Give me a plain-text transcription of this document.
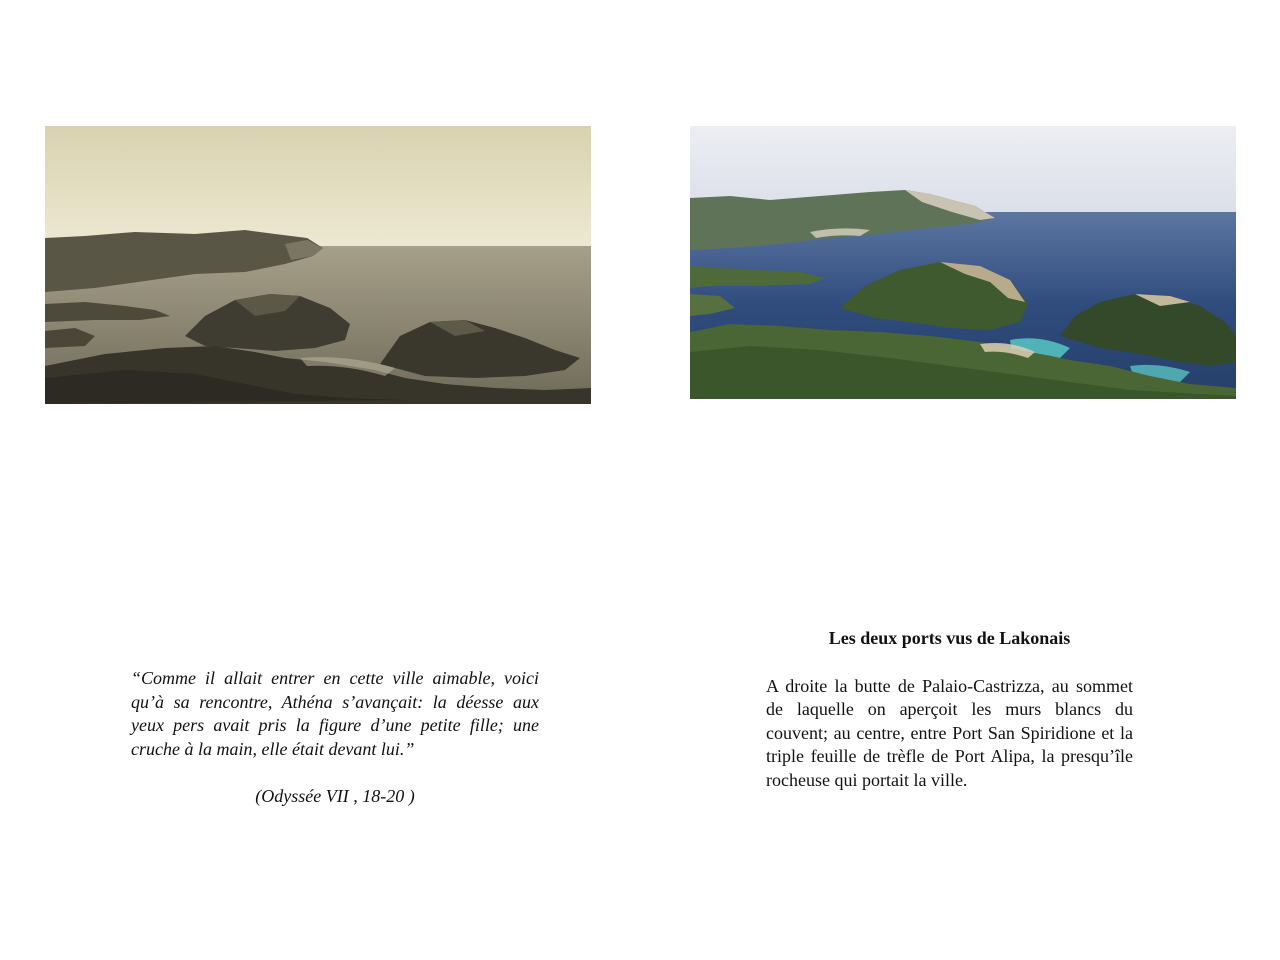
“Comme il allait entrer en cette ville aimable, voici qu’à sa rencontre, Athéna s’avançait: la déesse aux yeux pers avait pris la figure d’une petite fille; une cruche à la main, elle était devant lui.”

(Odyssée VII , 18-20 )

Les deux ports vus de Lakonais

A droite la butte de Palaio-Castrizza, au sommet de laquelle on aperçoit les murs blancs du couvent; au centre, entre Port San Spiridione et la triple feuille de trèfle de Port Alipa, la presqu’île rocheuse qui portait la ville.
